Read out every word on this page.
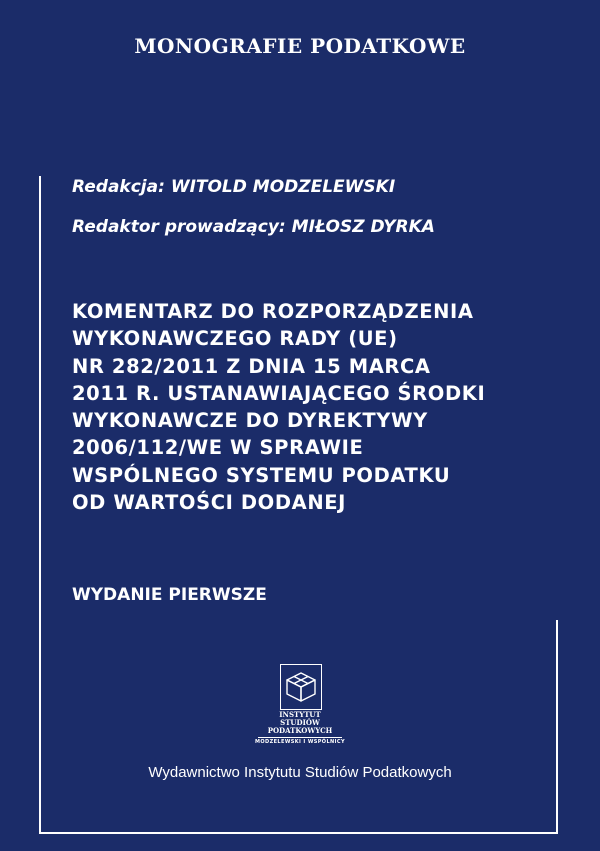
MONOGRAFIE PODATKOWE
Redakcja: WITOLD MODZELEWSKI
Redaktor prowadzący: MIŁOSZ DYRKA
KOMENTARZ DO ROZPORZĄDZENIA
WYKONAWCZEGO RADY (UE)
NR 282/2011 Z DNIA 15 MARCA
2011 R. USTANAWIAJĄCEGO ŚRODKI
WYKONAWCZE DO DYREKTYWY
2006/112/WE W SPRAWIE
WSPÓLNEGO SYSTEMU PODATKU
OD WARTOŚCI DODANEJ
WYDANIE PIERWSZE
INSTYTUT
STUDIÓW
PODATKOWYCH
MODZELEWSKI I WSPÓLNICY
Wydawnictwo Instytutu Studiów Podatkowych
